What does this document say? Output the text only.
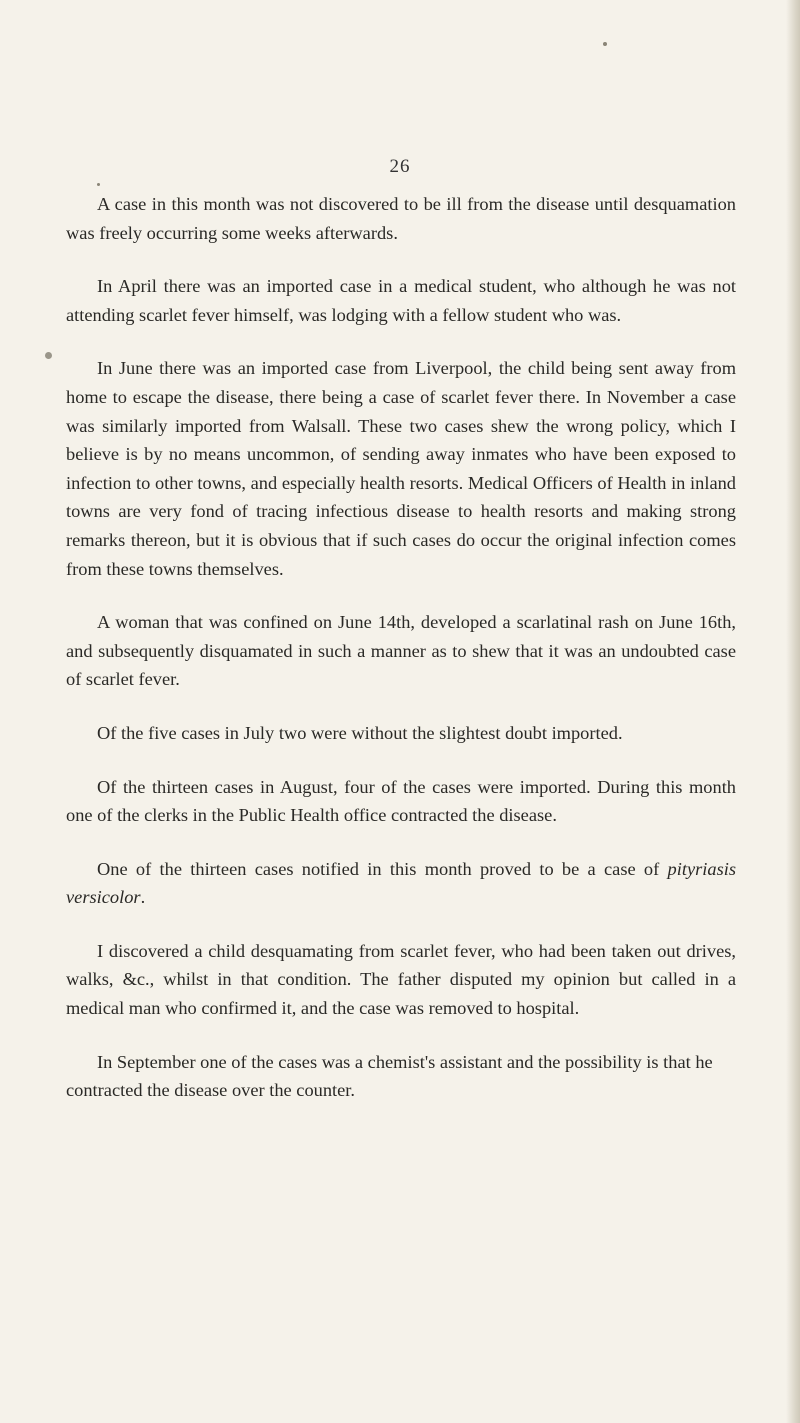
26

A case in this month was not discovered to be ill from the disease until desquamation was freely occurring some weeks afterwards.

In April there was an imported case in a medical student, who although he was not attending scarlet fever himself, was lodging with a fellow student who was.

In June there was an imported case from Liverpool, the child being sent away from home to escape the disease, there being a case of scarlet fever there. In November a case was similarly imported from Walsall. These two cases shew the wrong policy, which I believe is by no means uncommon, of sending away inmates who have been exposed to infection to other towns, and especially health resorts. Medical Officers of Health in inland towns are very fond of tracing infectious disease to health resorts and making strong remarks thereon, but it is obvious that if such cases do occur the original infection comes from these towns themselves.

A woman that was confined on June 14th, developed a scarlatinal rash on June 16th, and subsequently disquamated in such a manner as to shew that it was an undoubted case of scarlet fever.

Of the five cases in July two were without the slightest doubt imported.

Of the thirteen cases in August, four of the cases were imported. During this month one of the clerks in the Public Health office contracted the disease.

One of the thirteen cases notified in this month proved to be a case of pityriasis versicolor.

I discovered a child desquamating from scarlet fever, who had been taken out drives, walks, &c., whilst in that condition. The father disputed my opinion but called in a medical man who confirmed it, and the case was removed to hospital.

In September one of the cases was a chemist's assistant and the possibility is that he contracted the disease over the counter.
